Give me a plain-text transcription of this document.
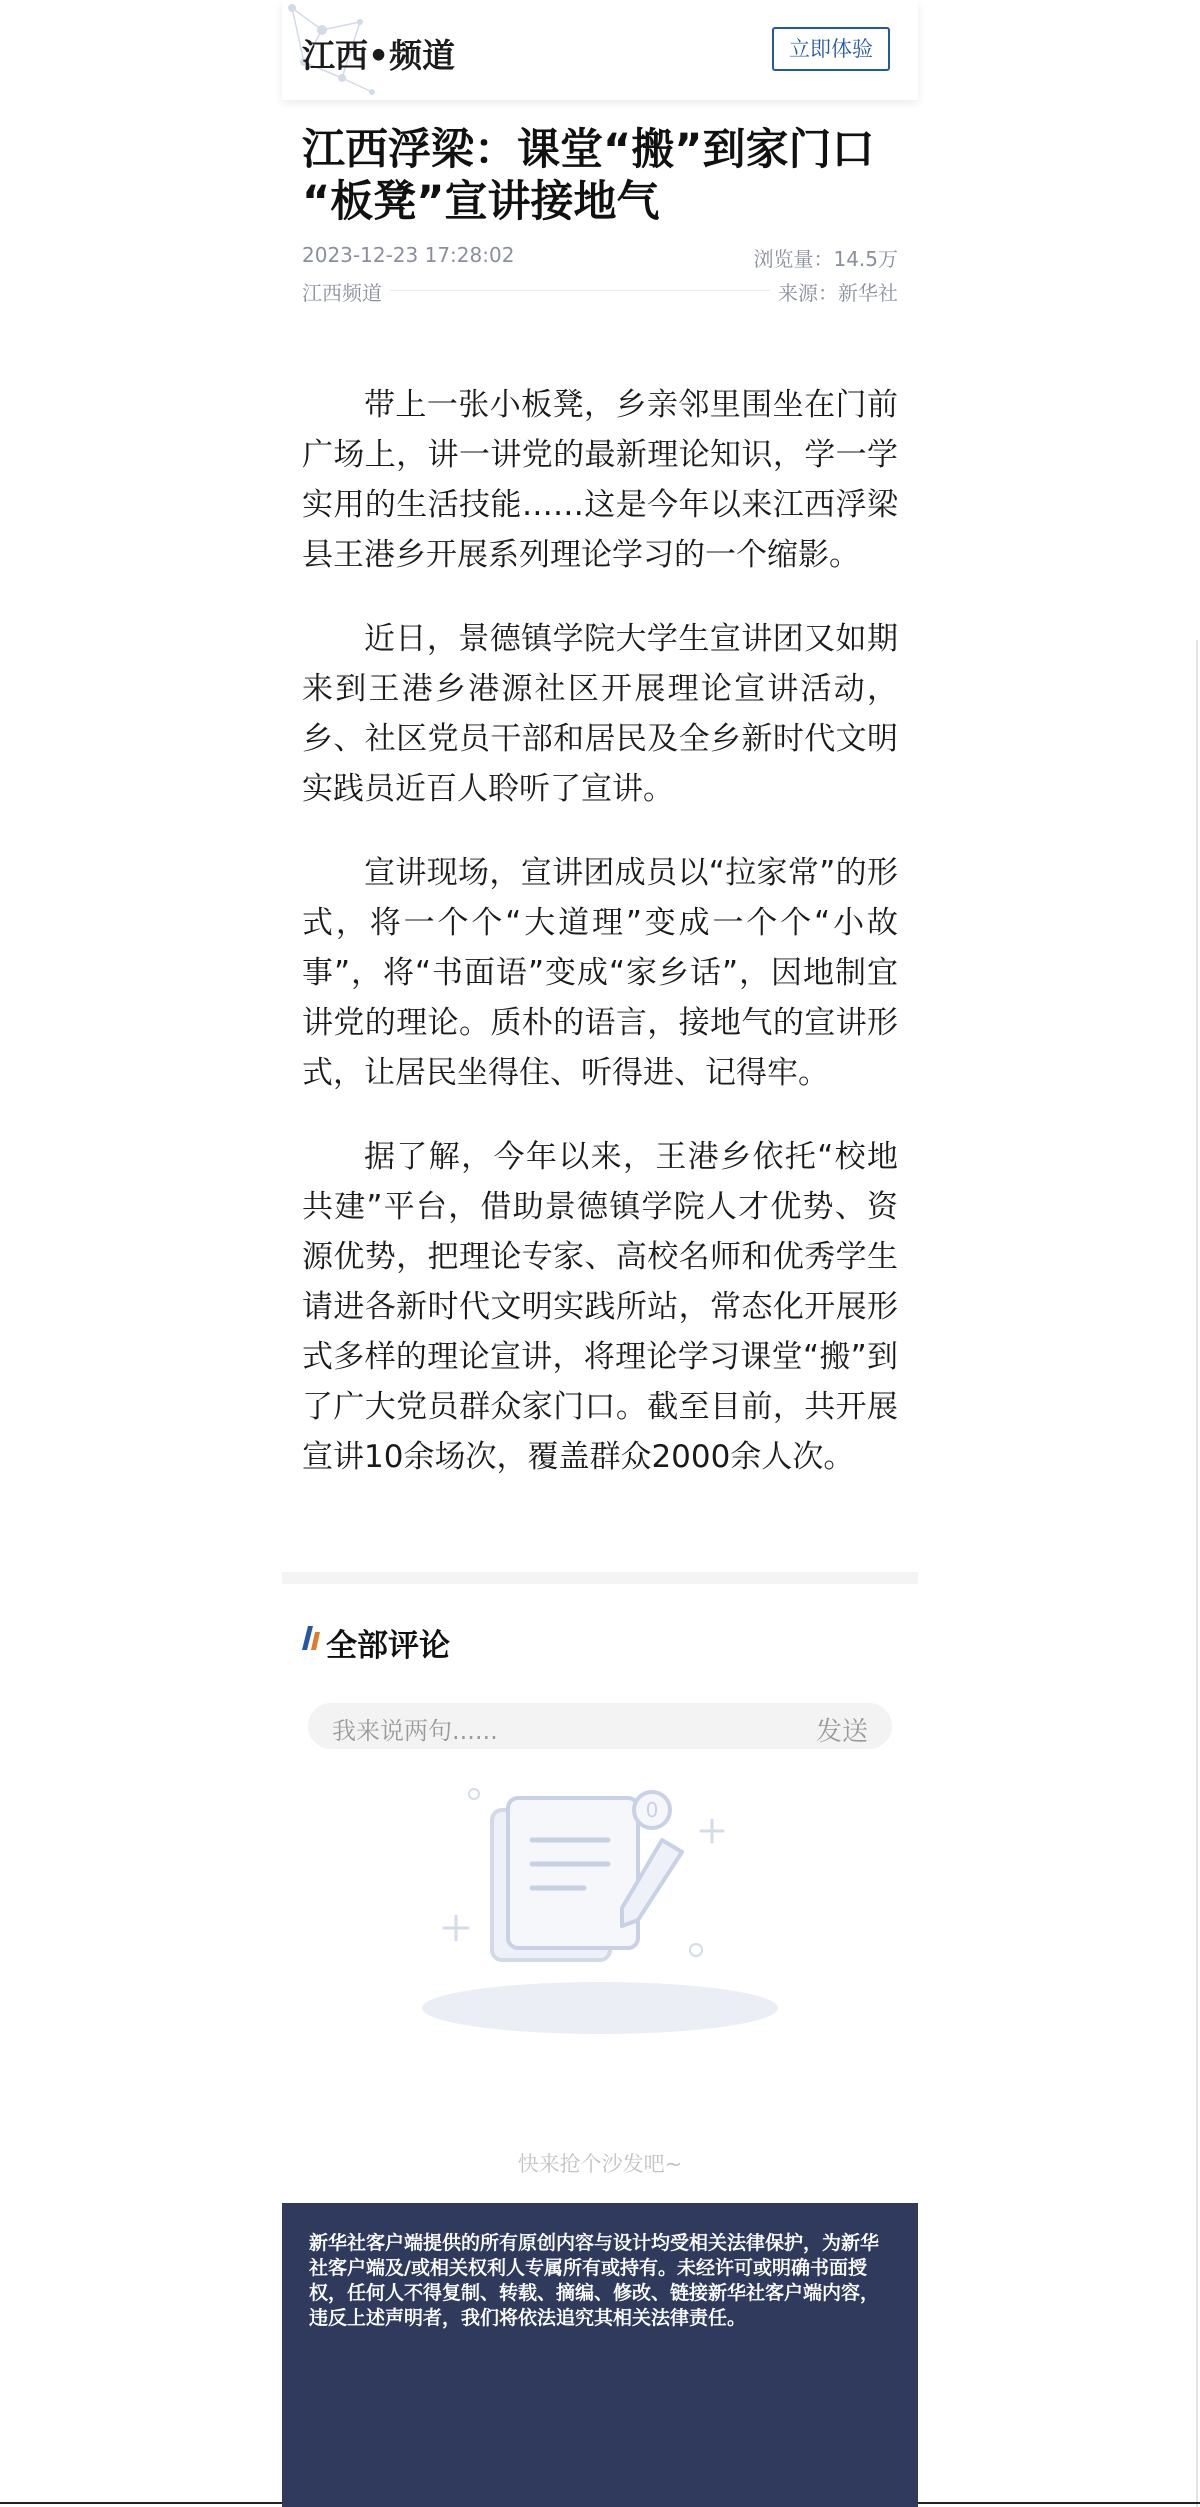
江西•频道	立即体验
江西浮梁：课堂“搬”到家门口 “板凳”宣讲接地气
2023-12-23 17:28:02	浏览量：14.5万
江西频道	来源：新华社

带上一张小板凳，乡亲邻里围坐在门前广场上，讲一讲党的最新理论知识，学一学实用的生活技能……这是今年以来江西浮梁县王港乡开展系列理论学习的一个缩影。

近日，景德镇学院大学生宣讲团又如期来到王港乡港源社区开展理论宣讲活动，乡、社区党员干部和居民及全乡新时代文明实践员近百人聆听了宣讲。

宣讲现场，宣讲团成员以“拉家常”的形式，将一个个“大道理”变成一个个“小故事”，将“书面语”变成“家乡话”，因地制宜讲党的理论。质朴的语言，接地气的宣讲形式，让居民坐得住、听得进、记得牢。

据了解，今年以来，王港乡依托“校地共建”平台，借助景德镇学院人才优势、资源优势，把理论专家、高校名师和优秀学生请进各新时代文明实践所站，常态化开展形式多样的理论宣讲，将理论学习课堂“搬”到了广大党员群众家门口。截至目前，共开展宣讲10余场次，覆盖群众2000余人次。

全部评论
我来说两句......	发送
0
快来抢个沙发吧~
新华社客户端提供的所有原创内容与设计均受相关法律保护，为新华社客户端及/或相关权利人专属所有或持有。未经许可或明确书面授权，任何人不得复制、转载、摘编、修改、链接新华社客户端内容，违反上述声明者，我们将依法追究其相关法律责任。
